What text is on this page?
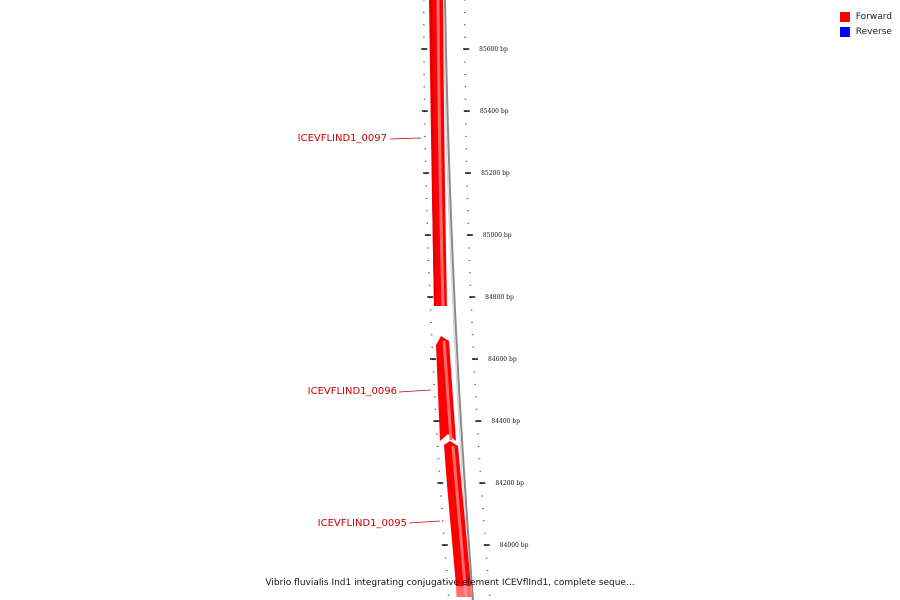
85600 bp
85400 bp
85200 bp
85000 bp
84800 bp
84600 bp
84400 bp
84200 bp
84000 bp
ICEVFLIND1_0097
ICEVFLIND1_0096
ICEVFLIND1_0095
Forward
Reverse
Vibrio fluvialis Ind1 integrating conjugative element ICEVflInd1, complete seque...
